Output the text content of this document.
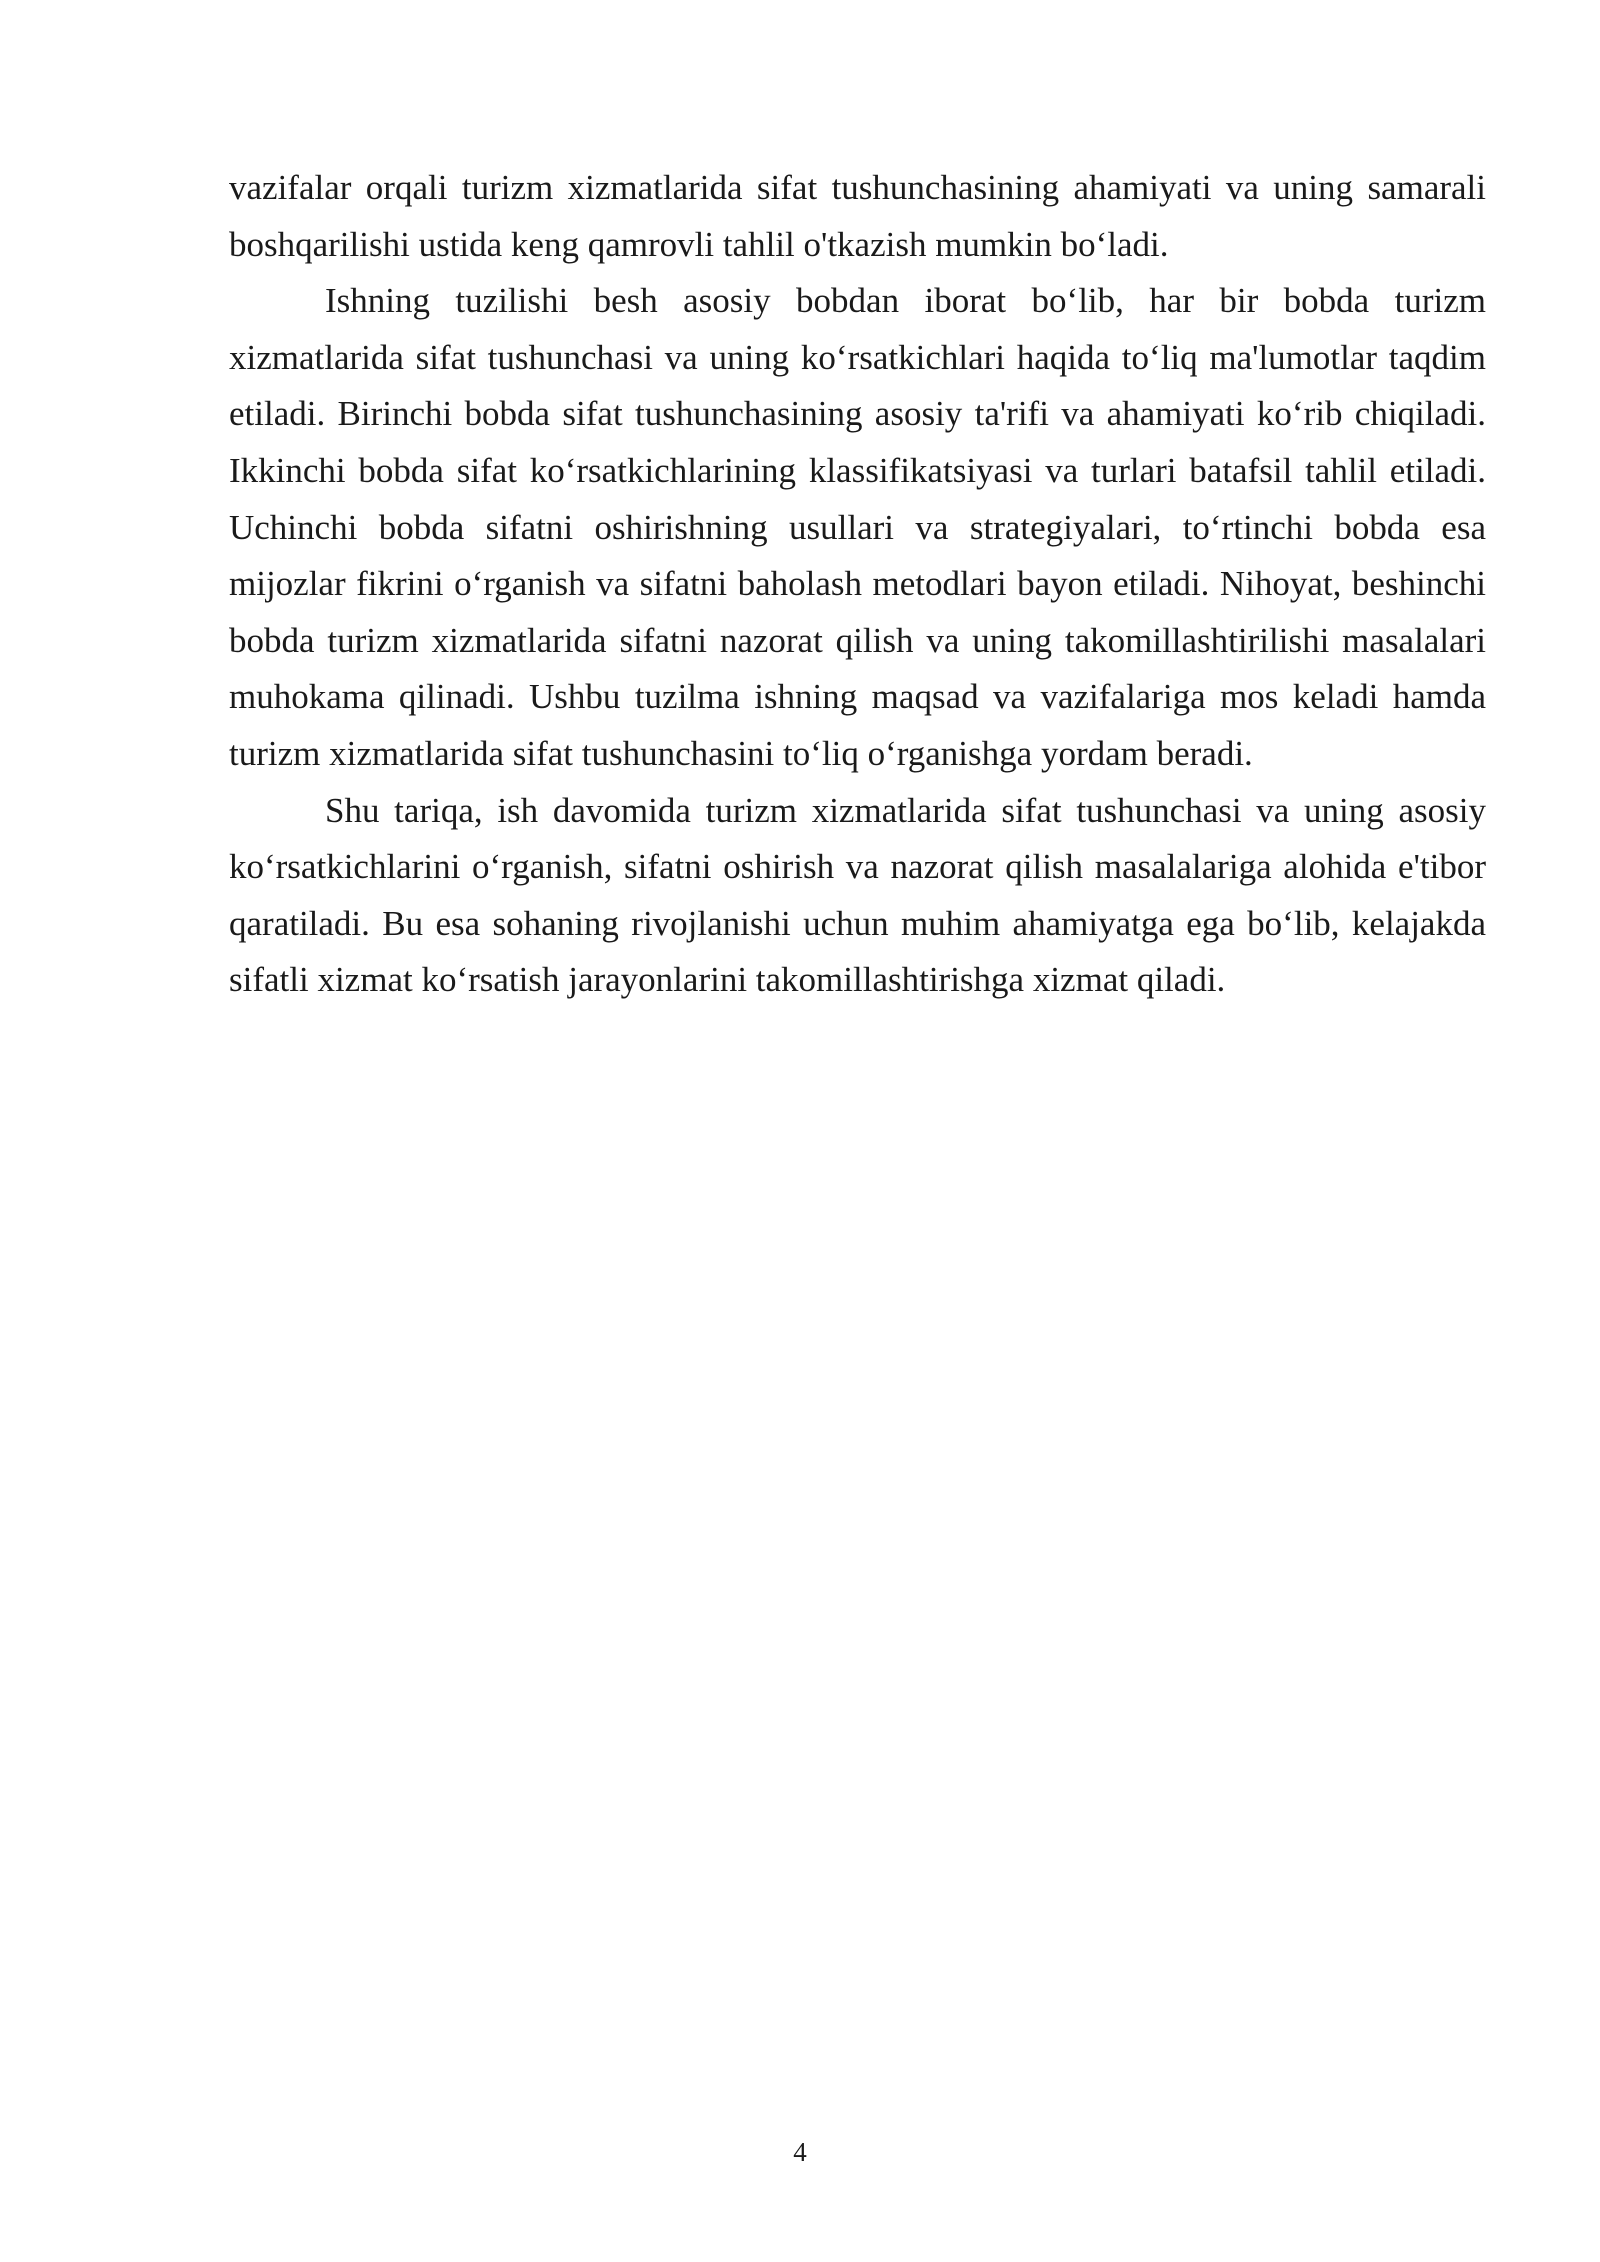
vazifalar orqali turizm xizmatlarida sifat tushunchasining ahamiyati va uning samarali boshqarilishi ustida keng qamrovli tahlil o'tkazish mumkin bo‘ladi.

Ishning tuzilishi besh asosiy bobdan iborat bo‘lib, har bir bobda turizm xizmatlarida sifat tushunchasi va uning ko‘rsatkichlari haqida to‘liq ma'lumotlar taqdim etiladi. Birinchi bobda sifat tushunchasining asosiy ta'rifi va ahamiyati ko‘rib chiqiladi. Ikkinchi bobda sifat ko‘rsatkichlarining klassifikatsiyasi va turlari batafsil tahlil etiladi. Uchinchi bobda sifatni oshirishning usullari va strategiyalari, to‘rtinchi bobda esa mijozlar fikrini o‘rganish va sifatni baholash metodlari bayon etiladi. Nihoyat, beshinchi bobda turizm xizmatlarida sifatni nazorat qilish va uning takomillashtirilishi masalalari muhokama qilinadi. Ushbu tuzilma ishning maqsad va vazifalariga mos keladi hamda turizm xizmatlarida sifat tushunchasini to‘liq o‘rganishga yordam beradi.

Shu tariqa, ish davomida turizm xizmatlarida sifat tushunchasi va uning asosiy ko‘rsatkichlarini o‘rganish, sifatni oshirish va nazorat qilish masalalariga alohida e'tibor qaratiladi. Bu esa sohaning rivojlanishi uchun muhim ahamiyatga ega bo‘lib, kelajakda sifatli xizmat ko‘rsatish jarayonlarini takomillashtirishga xizmat qiladi.

4
